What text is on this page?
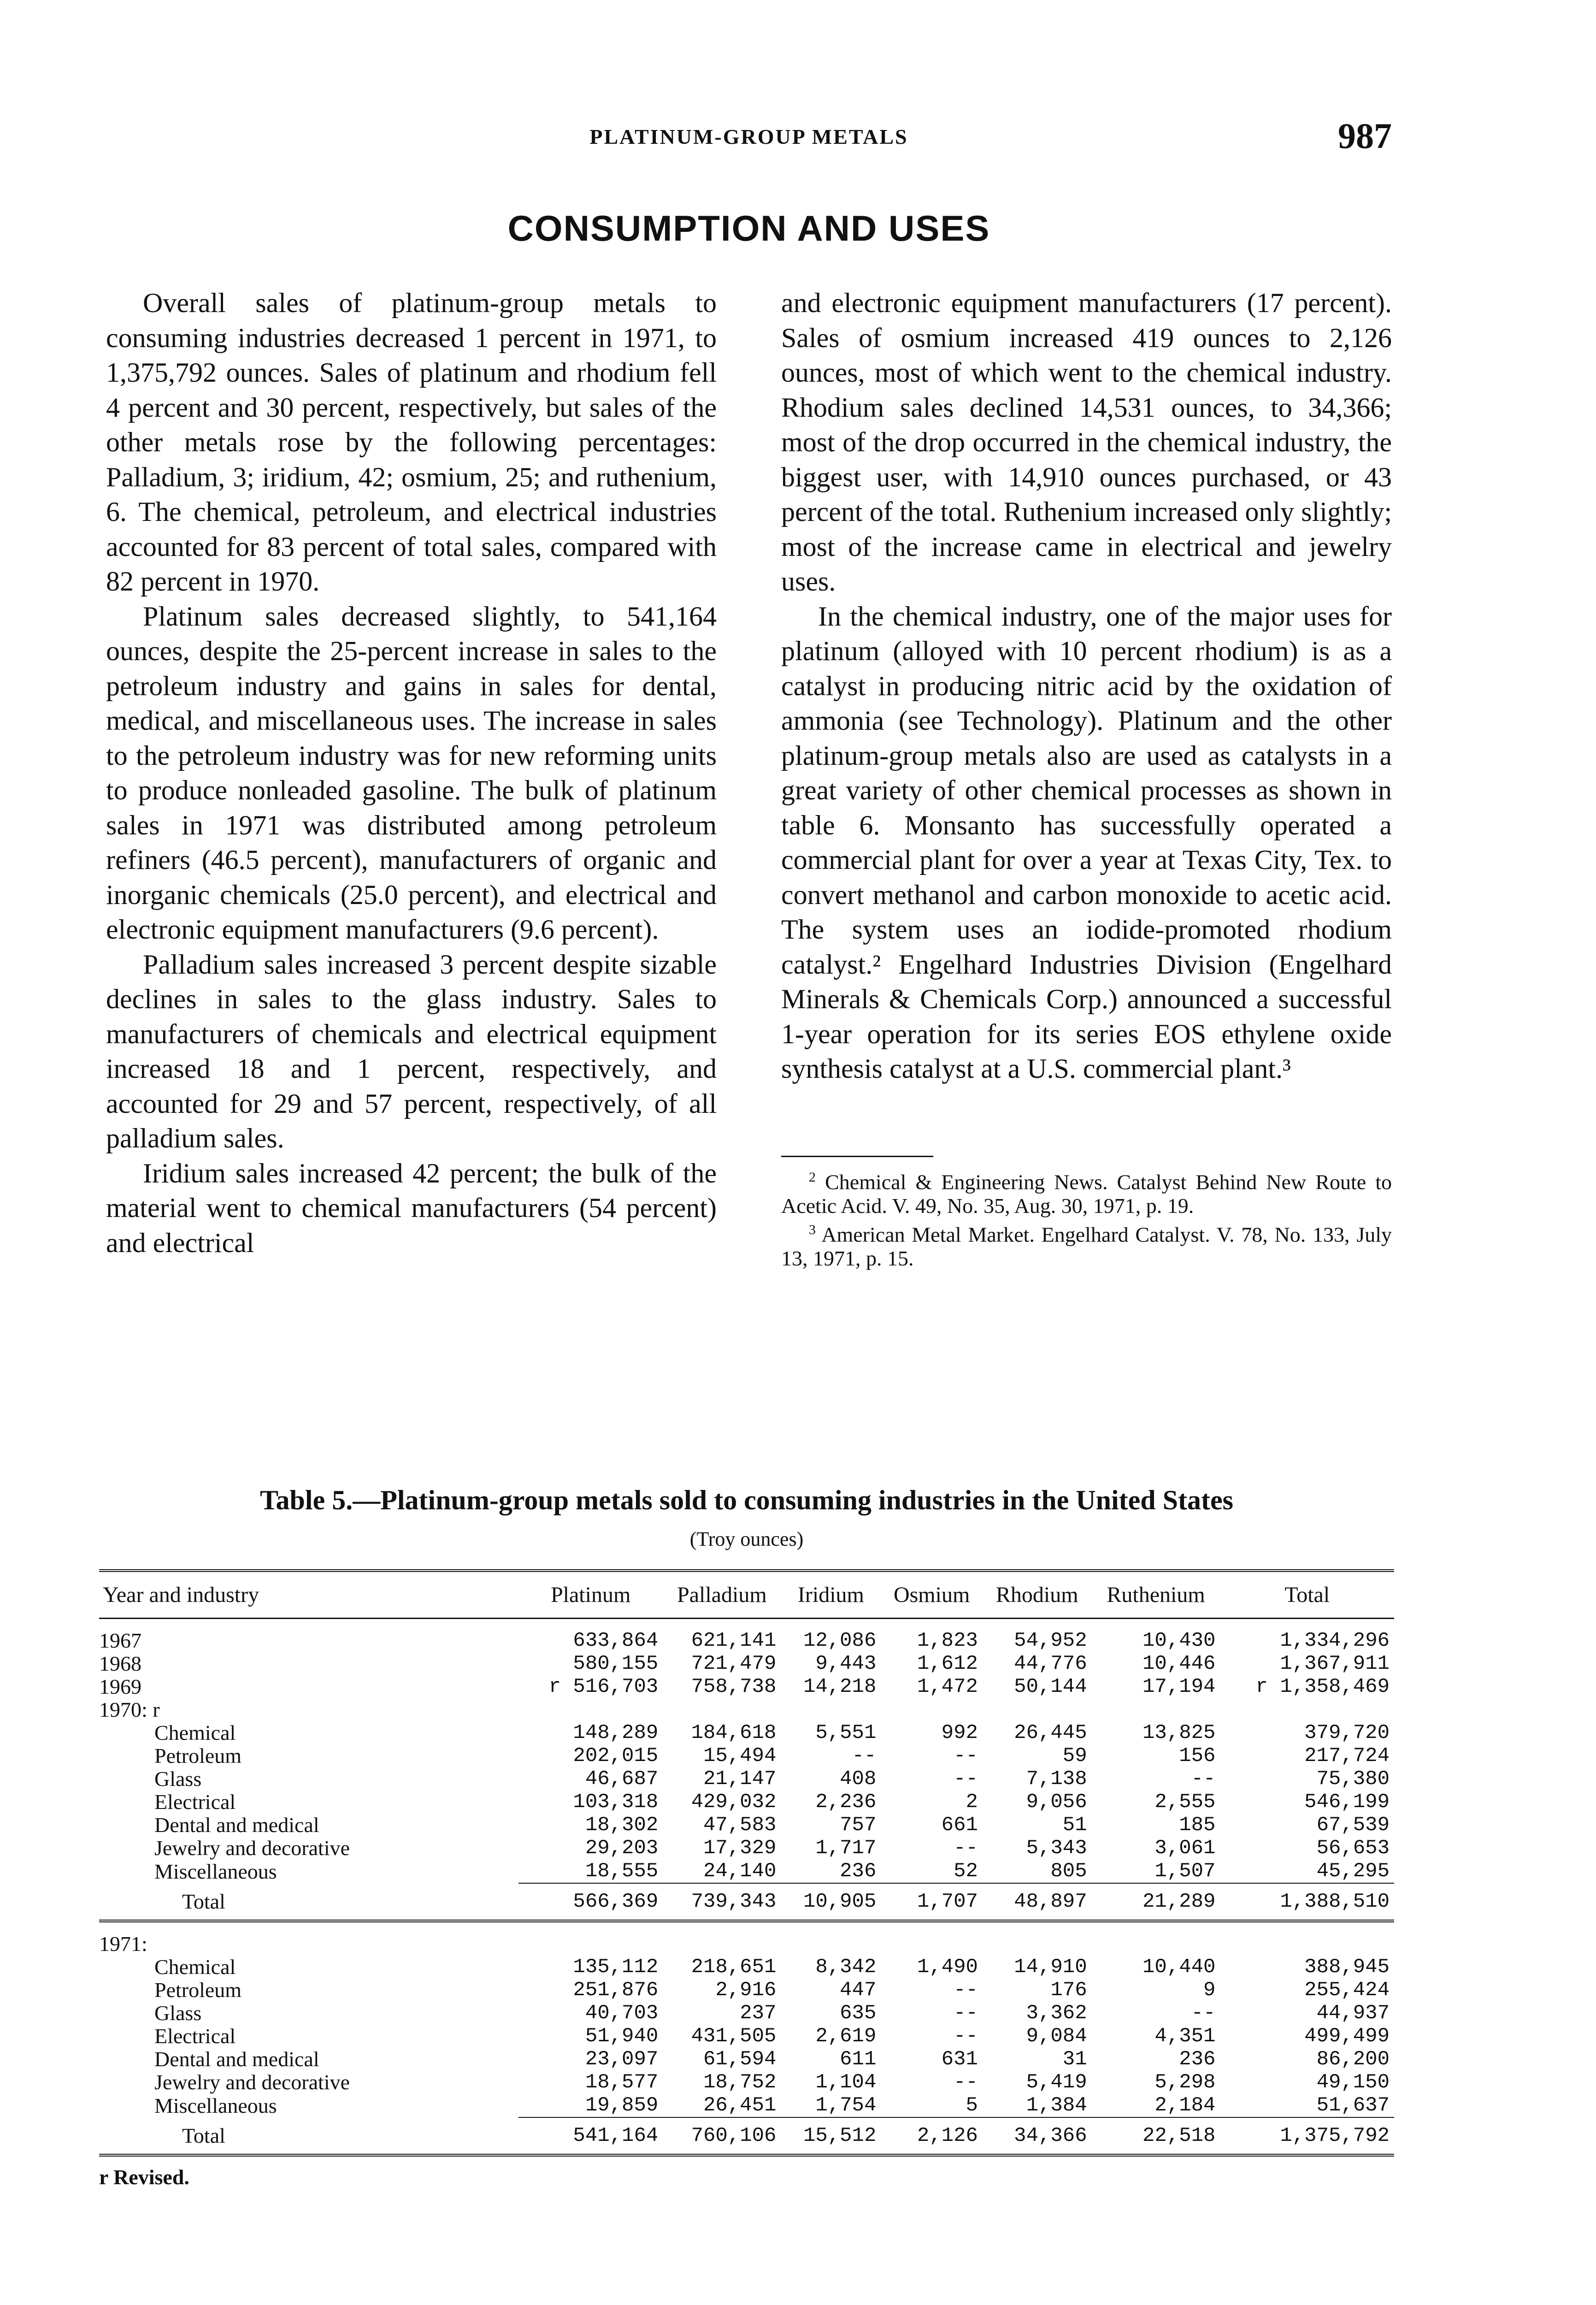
PLATINUM-GROUP METALS	987
CONSUMPTION AND USES

Overall sales of platinum-group metals to consuming industries decreased 1 percent in 1971, to 1,375,792 ounces. Sales of platinum and rhodium fell 4 percent and 30 percent, respectively, but sales of the other metals rose by the following percentages: Palladium, 3; iridium, 42; osmium, 25; and ruthenium, 6. The chemical, petroleum, and electrical industries accounted for 83 percent of total sales, compared with 82 percent in 1970.

Platinum sales decreased slightly, to 541,164 ounces, despite the 25-percent increase in sales to the petroleum industry and gains in sales for dental, medical, and miscellaneous uses. The increase in sales to the petroleum industry was for new reforming units to produce nonleaded gasoline. The bulk of platinum sales in 1971 was distributed among petroleum refiners (46.5 percent), manufacturers of organic and inorganic chemicals (25.0 percent), and electrical and electronic equipment manufacturers (9.6 percent).

Palladium sales increased 3 percent despite sizable declines in sales to the glass industry. Sales to manufacturers of chemicals and electrical equipment increased 18 and 1 percent, respectively, and accounted for 29 and 57 percent, respectively, of all palladium sales.

Iridium sales increased 42 percent; the bulk of the material went to chemical manufacturers (54 percent) and electrical

and electronic equipment manufacturers (17 percent). Sales of osmium increased 419 ounces to 2,126 ounces, most of which went to the chemical industry. Rhodium sales declined 14,531 ounces, to 34,366; most of the drop occurred in the chemical industry, the biggest user, with 14,910 ounces purchased, or 43 percent of the total. Ruthenium increased only slightly; most of the increase came in electrical and jewelry uses.

In the chemical industry, one of the major uses for platinum (alloyed with 10 percent rhodium) is as a catalyst in producing nitric acid by the oxidation of ammonia (see Technology). Platinum and the other platinum-group metals also are used as catalysts in a great variety of other chemical processes as shown in table 6. Monsanto has successfully operated a commercial plant for over a year at Texas City, Tex. to convert methanol and carbon monoxide to acetic acid. The system uses an iodide-promoted rhodium catalyst.² Engelhard Industries Division (Engelhard Minerals & Chemicals Corp.) announced a successful 1-year operation for its series EOS ethylene oxide synthesis catalyst at a U.S. commercial plant.³

$^2$ Chemical & Engineering News. Catalyst Behind New Route to Acetic Acid. V. 49, No. 35, Aug. 30, 1971, p. 19.

$^3$ American Metal Market. Engelhard Catalyst. V. 78, No. 133, July 13, 1971, p. 15.

Table 5.—Platinum-group metals sold to consuming industries in the United States

(Troy ounces)

Year and industry	Platinum	Palladium	Iridium	Osmium	Rhodium	Ruthenium	Total

1967	633,864	621,141	12,086	1,823	54,952	10,430	1,334,296
1968	580,155	721,479	9,443	1,612	44,776	10,446	1,367,911
1969	r 516,703	758,738	14,218	1,472	50,144	17,194	r 1,358,469
1970: r							
Chemical	148,289	184,618	5,551	992	26,445	13,825	379,720
Petroleum	202,015	15,494	--	--	59	156	217,724
Glass	46,687	21,147	408	--	7,138	--	75,380
Electrical	103,318	429,032	2,236	2	9,056	2,555	546,199
Dental and medical	18,302	47,583	757	661	51	185	67,539
Jewelry and decorative	29,203	17,329	1,717	--	5,343	3,061	56,653
Miscellaneous	18,555	24,140	236	52	805	1,507	45,295
Total	566,369	739,343	10,905	1,707	48,897	21,289	1,388,510

1971:							
Chemical	135,112	218,651	8,342	1,490	14,910	10,440	388,945
Petroleum	251,876	2,916	447	--	176	9	255,424
Glass	40,703	237	635	--	3,362	--	44,937
Electrical	51,940	431,505	2,619	--	9,084	4,351	499,499
Dental and medical	23,097	61,594	611	631	31	236	86,200
Jewelry and decorative	18,577	18,752	1,104	--	5,419	5,298	49,150
Miscellaneous	19,859	26,451	1,754	5	1,384	2,184	51,637
Total	541,164	760,106	15,512	2,126	34,366	22,518	1,375,792
r Revised.
